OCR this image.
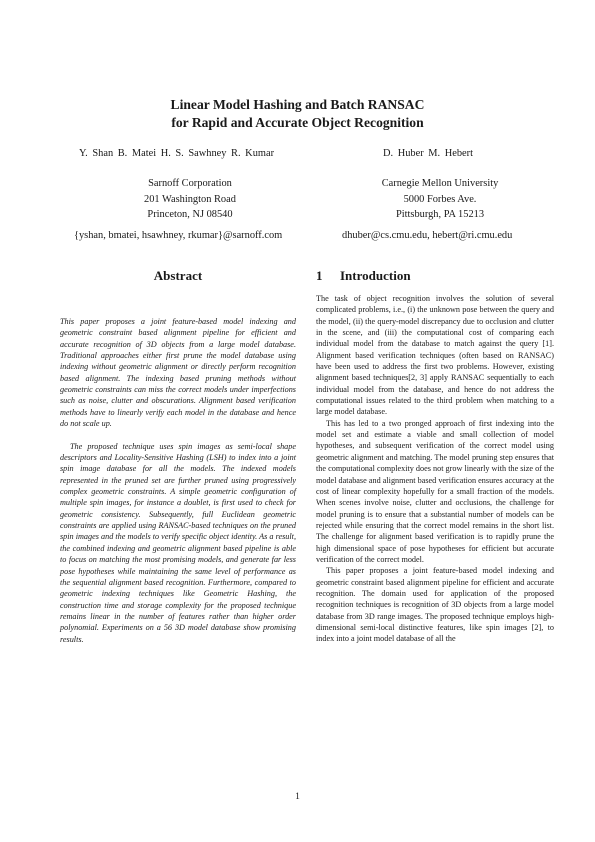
Linear Model Hashing and Batch RANSAC
for Rapid and Accurate Object Recognition
Y. Shan B. Matei H. S. Sawhney R. Kumar	D. Huber M. Hebert
Sarnoff Corporation
201 Washington Road
Princeton, NJ 08540
Carnegie Mellon University
5000 Forbes Ave.
Pittsburgh, PA 15213
{yshan, bmatei, hsawhney, rkumar}@sarnoff.com	dhuber@cs.cmu.edu, hebert@ri.cmu.edu
Abstract	1 Introduction

This paper proposes a joint feature-based model indexing and geometric constraint based alignment pipeline for efficient and accurate recognition of 3D objects from a large model database. Traditional approaches either first prune the model database using indexing without geometric alignment or directly perform recognition based alignment. The indexing based pruning methods without geometric constraints can miss the correct models under imperfections such as noise, clutter and obscurations. Alignment based verification methods have to linearly verify each model in the database and hence do not scale up.

The proposed technique uses spin images as semi-local shape descriptors and Locality-Sensitive Hashing (LSH) to index into a joint spin image database for all the models. The indexed models represented in the pruned set are further pruned using progressively complex geometric constraints. A simple geometric configuration of multiple spin images, for instance a doublet, is first used to check for geometric consistency. Subsequently, full Euclidean geometric constraints are applied using RANSAC-based techniques on the pruned spin images and the models to verify specific object identity. As a result, the combined indexing and geometric alignment based pipeline is able to focus on matching the most promising models, and generate far less pose hypotheses while maintaining the same level of performance as the sequential alignment based recognition. Furthermore, compared to geometric indexing techniques like Geometric Hashing, the construction time and storage complexity for the proposed technique remains linear in the number of features rather than higher order polynomial. Experiments on a 56 3D model database show promising results.

The task of object recognition involves the solution of several complicated problems, i.e., (i) the unknown pose between the query and the model, (ii) the query-model discrepancy due to occlusion and clutter in the scene, and (iii) the computational cost of comparing each individual model from the database to match against the query [1]. Alignment based verification techniques (often based on RANSAC) have been used to address the first two problems. However, existing alignment based techniques[2, 3] apply RANSAC sequentially to each individual model from the database, and hence do not address the computational issues related to the third problem when matching to a large model database.

This has led to a two pronged approach of first indexing into the model set and estimate a viable and small collection of model hypotheses, and subsequent verification of the correct model using geometric alignment and matching. The model pruning step ensures that the computational complexity does not grow linearly with the size of the model database and alignment based verification ensures accuracy at the cost of linear complexity hopefully for a small fraction of the models. When scenes involve noise, clutter and occlusions, the challenge for model pruning is to ensure that a substantial number of models can be rejected while ensuring that the correct model remains in the short list. The challenge for alignment based verification is to rapidly prune the high dimensional space of pose hypotheses for efficient but accurate verification of the correct model.

This paper proposes a joint feature-based model indexing and geometric constraint based alignment pipeline for efficient and accurate recognition. The domain used for application of the proposed recognition techniques is recognition of 3D objects from a large model database from 3D range images. The proposed technique employs high-dimensional semi-local distinctive features, like spin images [2], to index into a joint model database of all the

1
